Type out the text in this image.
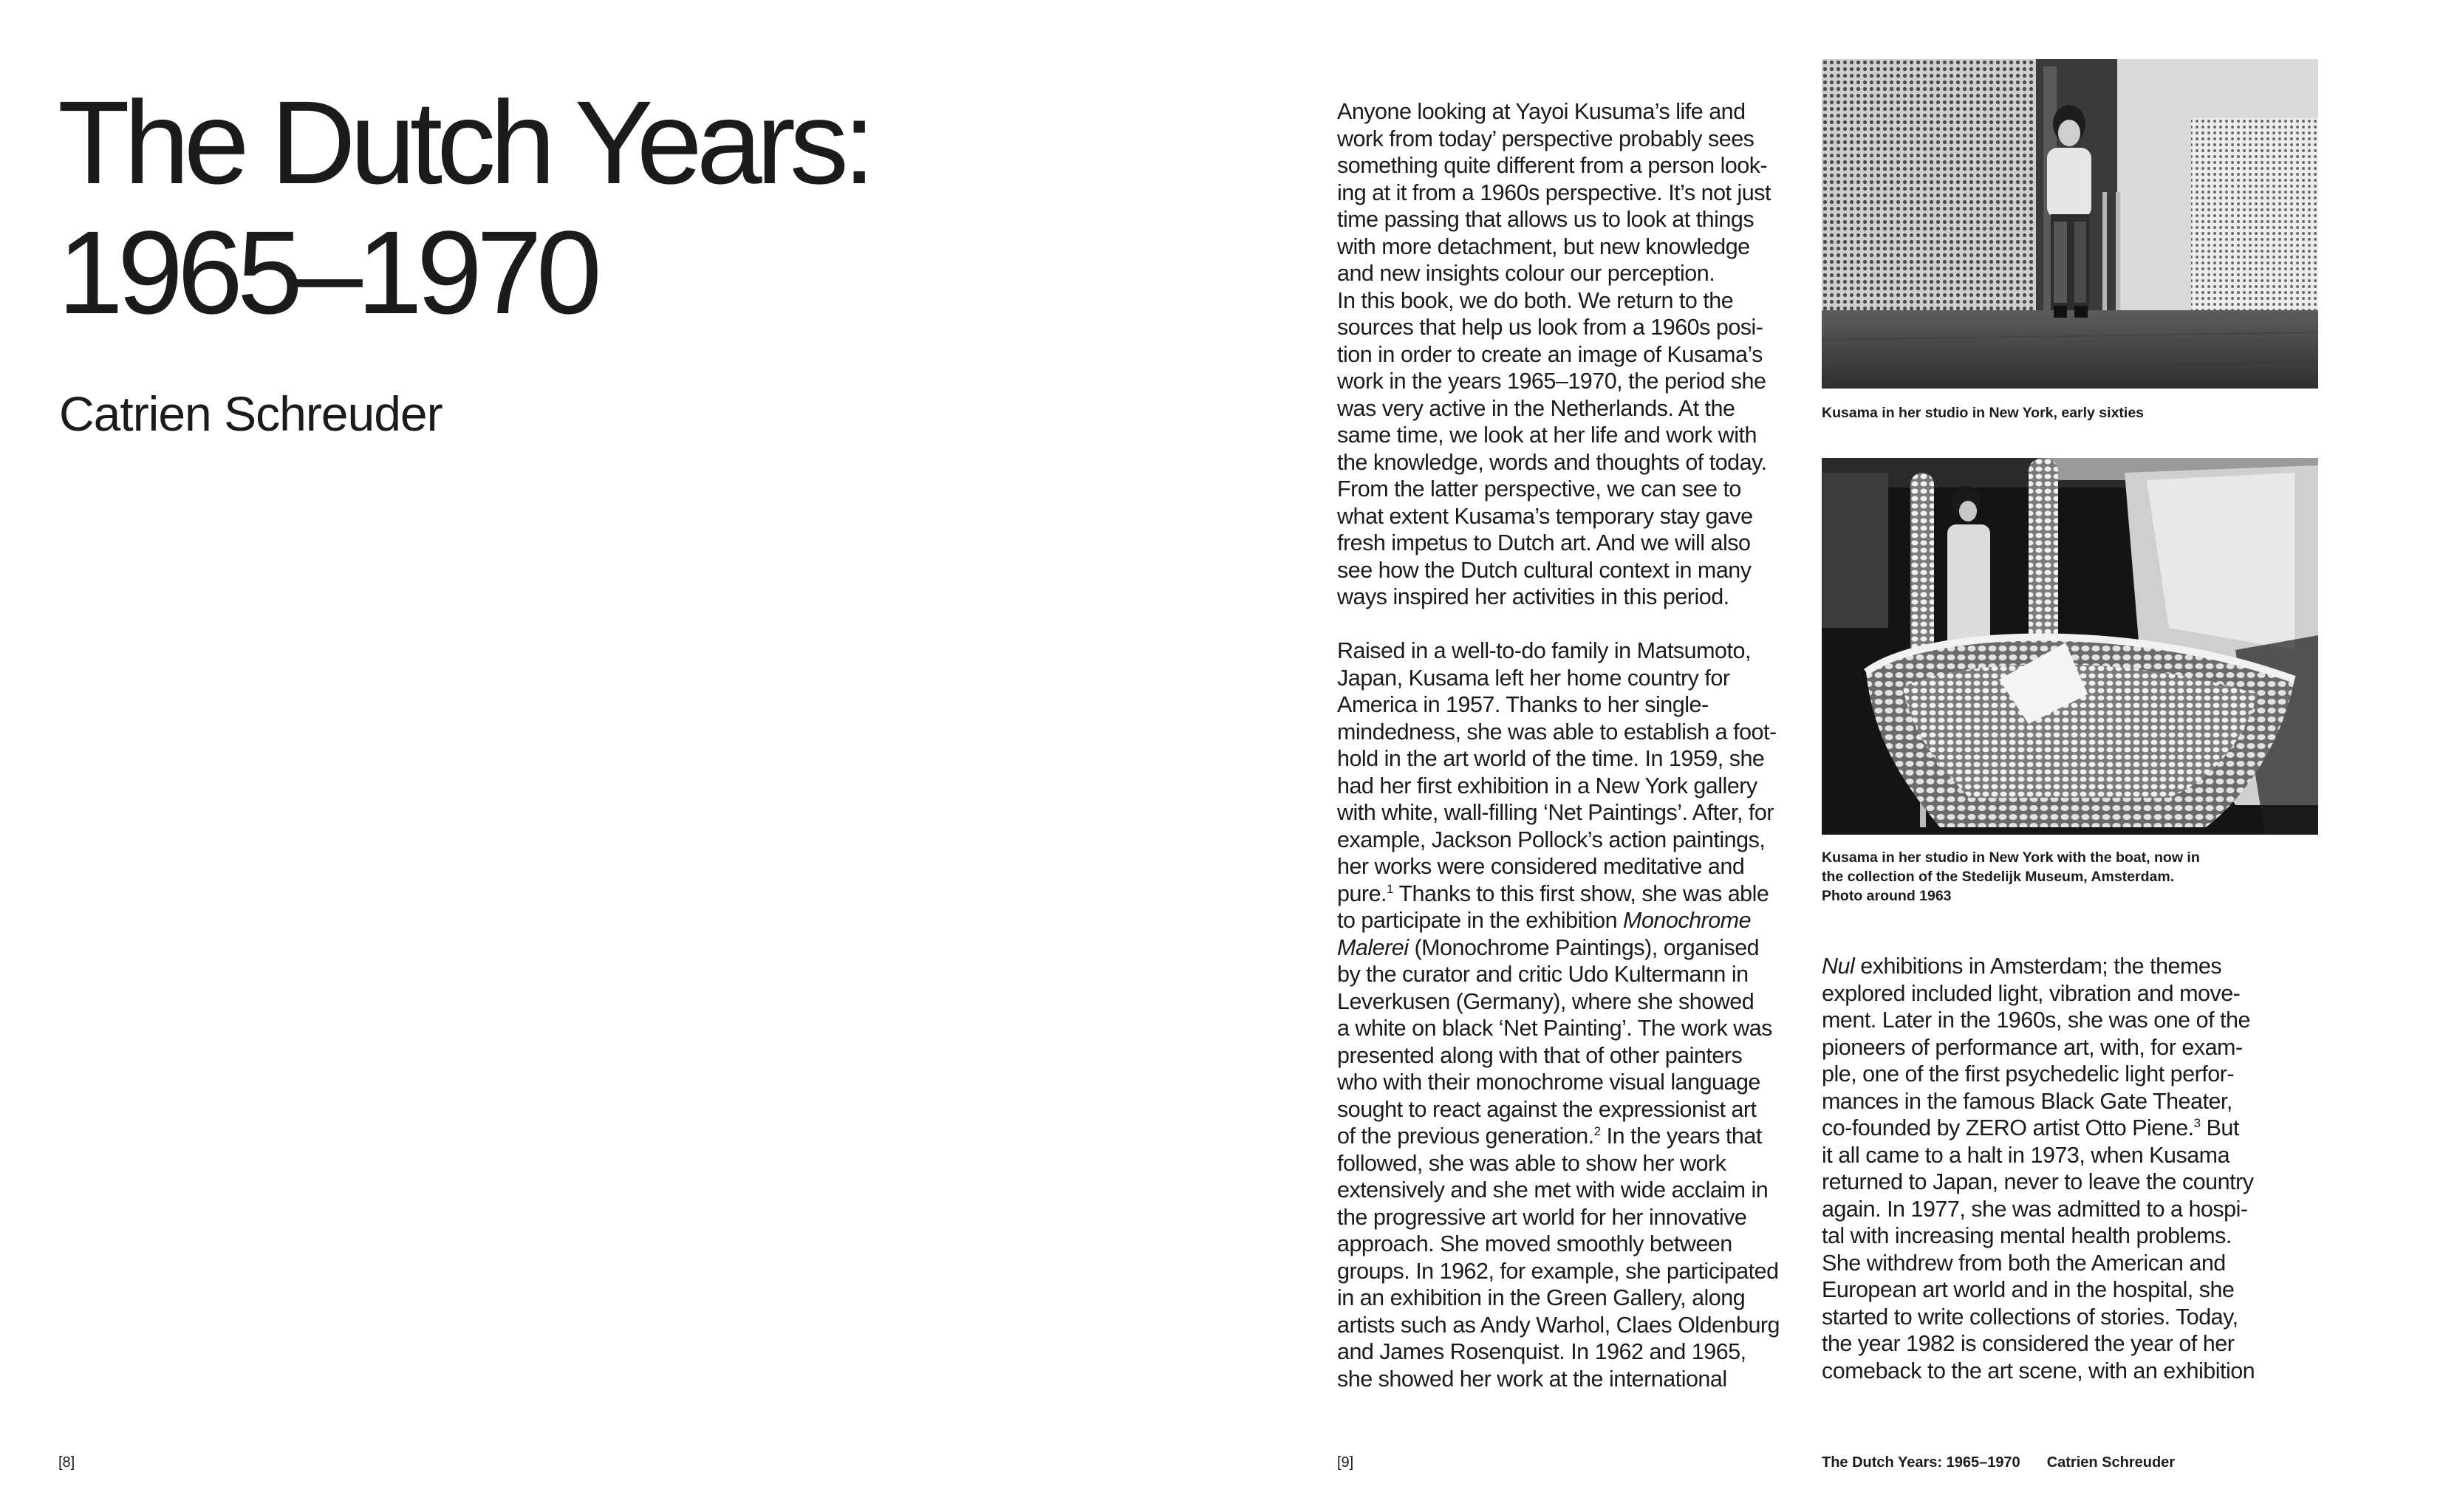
The Dutch Years:
1965–1970
Catrien Schreuder
[8]

Anyone looking at Yayoi Kusuma’s life and
work from today’ perspective probably sees
something quite different from a person look-
ing at it from a 1960s perspective. It’s not just
time passing that allows us to look at things
with more detachment, but new knowledge
and new insights colour our perception.
In this book, we do both. We return to the
sources that help us look from a 1960s posi-
tion in order to create an image of Kusama’s
work in the years 1965–1970, the period she
was very active in the Netherlands. At the
same time, we look at her life and work with
the knowledge, words and thoughts of today.
From the latter perspective, we can see to
what extent Kusama’s temporary stay gave
fresh impetus to Dutch art. And we will also
see how the Dutch cultural context in many
ways inspired her activities in this period.

Raised in a well-to-do family in Matsumoto,
Japan, Kusama left her home country for
America in 1957. Thanks to her single-
mindedness, she was able to establish a foot-
hold in the art world of the time. In 1959, she
had her first exhibition in a New York gallery
with white, wall-filling ‘Net Paintings’. After, for
example, Jackson Pollock’s action paintings,
her works were considered meditative and
pure.$^1$ Thanks to this first show, she was able
to participate in the exhibition Monochrome
Malerei (Monochrome Paintings), organised
by the curator and critic Udo Kultermann in
Leverkusen (Germany), where she showed
a white on black ‘Net Painting’. The work was
presented along with that of other painters
who with their monochrome visual language
sought to react against the expressionist art
of the previous generation.$^2$ In the years that
followed, she was able to show her work
extensively and she met with wide acclaim in
the progressive art world for her innovative
approach. She moved smoothly between
groups. In 1962, for example, she participated
in an exhibition in the Green Gallery, along
artists such as Andy Warhol, Claes Oldenburg
and James Rosenquist. In 1962 and 1965,
she showed her work at the international

Kusama in her studio in New York, early sixties
Kusama in her studio in New York with the boat, now in
the collection of the Stedelijk Museum, Amsterdam.
Photo around 1963

Nul exhibitions in Amsterdam; the themes
explored included light, vibration and move-
ment. Later in the 1960s, she was one of the
pioneers of performance art, with, for exam-
ple, one of the first psychedelic light perfor-
mances in the famous Black Gate Theater,
co-founded by ZERO artist Otto Piene.$^3$ But
it all came to a halt in 1973, when Kusama
returned to Japan, never to leave the country
again. In 1977, she was admitted to a hospi-
tal with increasing mental health problems.
She withdrew from both the American and
European art world and in the hospital, she
started to write collections of stories. Today,
the year 1982 is considered the year of her
comeback to the art scene, with an exhibition

[9]	The Dutch Years: 1965–1970 Catrien Schreuder
